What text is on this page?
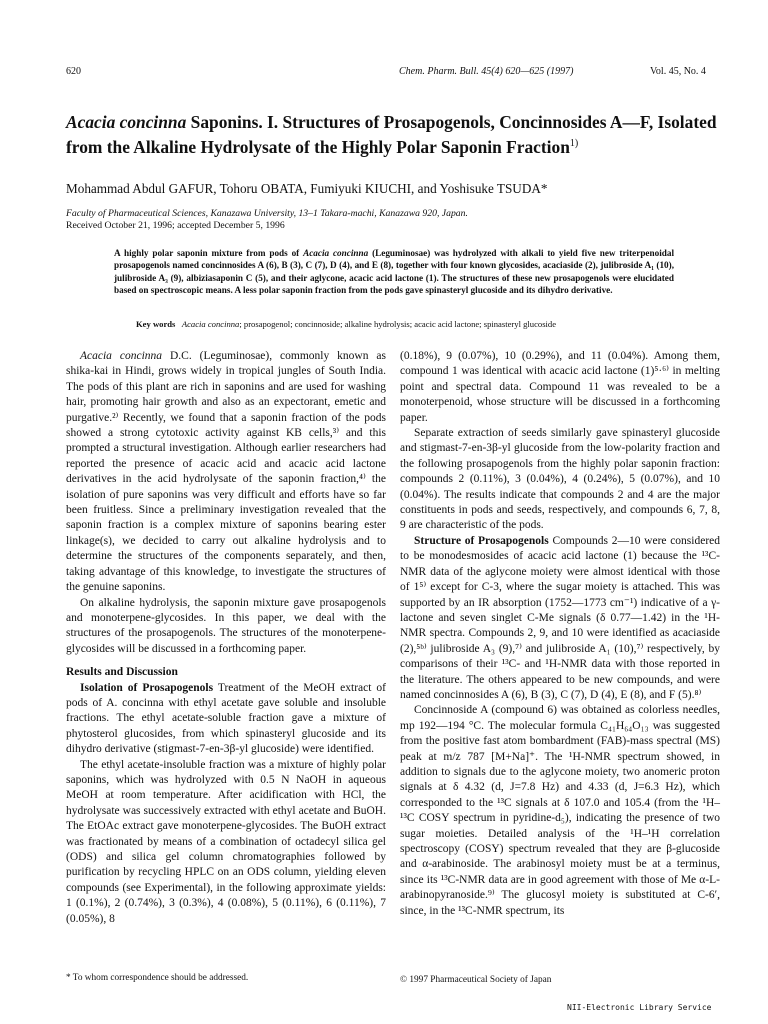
620	Chem. Pharm. Bull. 45(4) 620—625 (1997)	Vol. 45, No. 4
Acacia concinna Saponins. I. Structures of Prosapogenols, Concinnosides A—F, Isolated from the Alkaline Hydrolysate of the Highly Polar Saponin Fraction$^{1)}$
Mohammad Abdul GAFUR, Tohoru OBATA, Fumiyuki KIUCHI, and Yoshisuke TSUDA*
Faculty of Pharmaceutical Sciences, Kanazawa University, 13–1 Takara-machi, Kanazawa 920, Japan.
Received October 21, 1996; accepted December 5, 1996
A highly polar saponin mixture from pods of Acacia concinna (Leguminosae) was hydrolyzed with alkali to yield five new triterpenoidal prosapogenols named concinnosides A (6), B (3), C (7), D (4), and E (8), together with four known glycosides, acaciaside (2), julibroside A₁ (10), julibroside A₃ (9), albiziasaponin C (5), and their aglycone, acacic acid lactone (1). The structures of these new prosapogenols were elucidated based on spectroscopic means. A less polar saponin fraction from the pods gave spinasteryl glucoside and its dihydro derivative.
Key words Acacia concinna; prosapogenol; concinnoside; alkaline hydrolysis; acacic acid lactone; spinasteryl glucoside

Acacia concinna D.C. (Leguminosae), commonly known as shika-kai in Hindi, grows widely in tropical jungles of South India. The pods of this plant are rich in saponins and are used for washing hair, promoting hair growth and also as an expectorant, emetic and purgative.²⁾ Recently, we found that a saponin fraction of the pods showed a strong cytotoxic activity against KB cells,³⁾ and this prompted a structural investigation. Although earlier researchers had reported the presence of acacic acid and acacic acid lactone derivatives in the acid hydrolysate of the saponin fraction,⁴⁾ the isolation of pure saponins was very difficult and efforts have so far been fruitless. Since a preliminary investigation revealed that the saponin fraction is a complex mixture of saponins bearing ester linkage(s), we decided to carry out alkaline hydrolysis and to determine the structures of the components separately, and then, taking advantage of this knowledge, to investigate the structures of the genuine saponins.

On alkaline hydrolysis, the saponin mixture gave prosapogenols and monoterpene-glycosides. In this paper, we deal with the structures of the prosapogenols. The structures of the monoterpene-glycosides will be discussed in a forthcoming paper.

Results and Discussion

Isolation of Prosapogenols Treatment of the MeOH extract of pods of A. concinna with ethyl acetate gave soluble and insoluble fractions. The ethyl acetate-soluble fraction gave a mixture of phytosterol glucosides, from which spinasteryl glucoside and its dihydro derivative (stigmast-7-en-3β-yl glucoside) were identified.

The ethyl acetate-insoluble fraction was a mixture of highly polar saponins, which was hydrolyzed with 0.5 N NaOH in aqueous MeOH at room temperature. After acidification with HCl, the hydrolysate was successively extracted with ethyl acetate and BuOH. The EtOAc extract gave monoterpene-glycosides. The BuOH extract was fractionated by means of a combination of octadecyl silica gel (ODS) and silica gel column chromatographies followed by purification by recycling HPLC on an ODS column, yielding eleven compounds (see Experimental), in the following approximate yields: 1 (0.1%), 2 (0.74%), 3 (0.3%), 4 (0.08%), 5 (0.11%), 6 (0.11%), 7 (0.05%), 8

(0.18%), 9 (0.07%), 10 (0.29%), and 11 (0.04%). Among them, compound 1 was identical with acacic acid lactone (1)⁵·⁶⁾ in melting point and spectral data. Compound 11 was revealed to be a monoterpenoid, whose structure will be discussed in a forthcoming paper.

Separate extraction of seeds similarly gave spinasteryl glucoside and stigmast-7-en-3β-yl glucoside from the low-polarity fraction and the following prosapogenols from the highly polar saponin fraction: compounds 2 (0.11%), 3 (0.04%), 4 (0.24%), 5 (0.07%), and 10 (0.04%). The results indicate that compounds 2 and 4 are the major constituents in pods and seeds, respectively, and compounds 6, 7, 8, 9 are characteristic of the pods.

Structure of Prosapogenols Compounds 2—10 were considered to be monodesmosides of acacic acid lactone (1) because the ¹³C-NMR data of the aglycone moiety were almost identical with those of 1⁵⁾ except for C-3, where the sugar moiety is attached. This was supported by an IR absorption (1752—1773 cm⁻¹) indicative of a γ-lactone and seven singlet C-Me signals (δ 0.77—1.42) in the ¹H-NMR spectra. Compounds 2, 9, and 10 were identified as acaciaside (2),⁵ᵇ⁾ julibroside A₃ (9),⁷⁾ and julibroside A₁ (10),⁷⁾ respectively, by comparisons of their ¹³C- and ¹H-NMR data with those reported in the literature. The others appeared to be new compounds, and were named concinnosides A (6), B (3), C (7), D (4), E (8), and F (5).⁸⁾

Concinnoside A (compound 6) was obtained as colorless needles, mp 192—194 °C. The molecular formula C₄₁H₆₄O₁₃ was suggested from the positive fast atom bombardment (FAB)-mass spectral (MS) peak at m/z 787 [M+Na]⁺. The ¹H-NMR spectrum showed, in addition to signals due to the aglycone moiety, two anomeric proton signals at δ 4.32 (d, J=7.8 Hz) and 4.33 (d, J=6.3 Hz), which corresponded to the ¹³C signals at δ 107.0 and 105.4 (from the ¹H–¹³C COSY spectrum in pyridine-d₅), indicating the presence of two sugar moieties. Detailed analysis of the ¹H–¹H correlation spectroscopy (COSY) spectrum revealed that they are β-glucoside and α-arabinoside. The arabinosyl moiety must be at a terminus, since its ¹³C-NMR data are in good agreement with those of Me α-L-arabinopyranoside.⁹⁾ The glucosyl moiety is substituted at C-6′, since, in the ¹³C-NMR spectrum, its

* To whom correspondence should be addressed.	© 1997 Pharmaceutical Society of Japan
NII-Electronic Library Service
